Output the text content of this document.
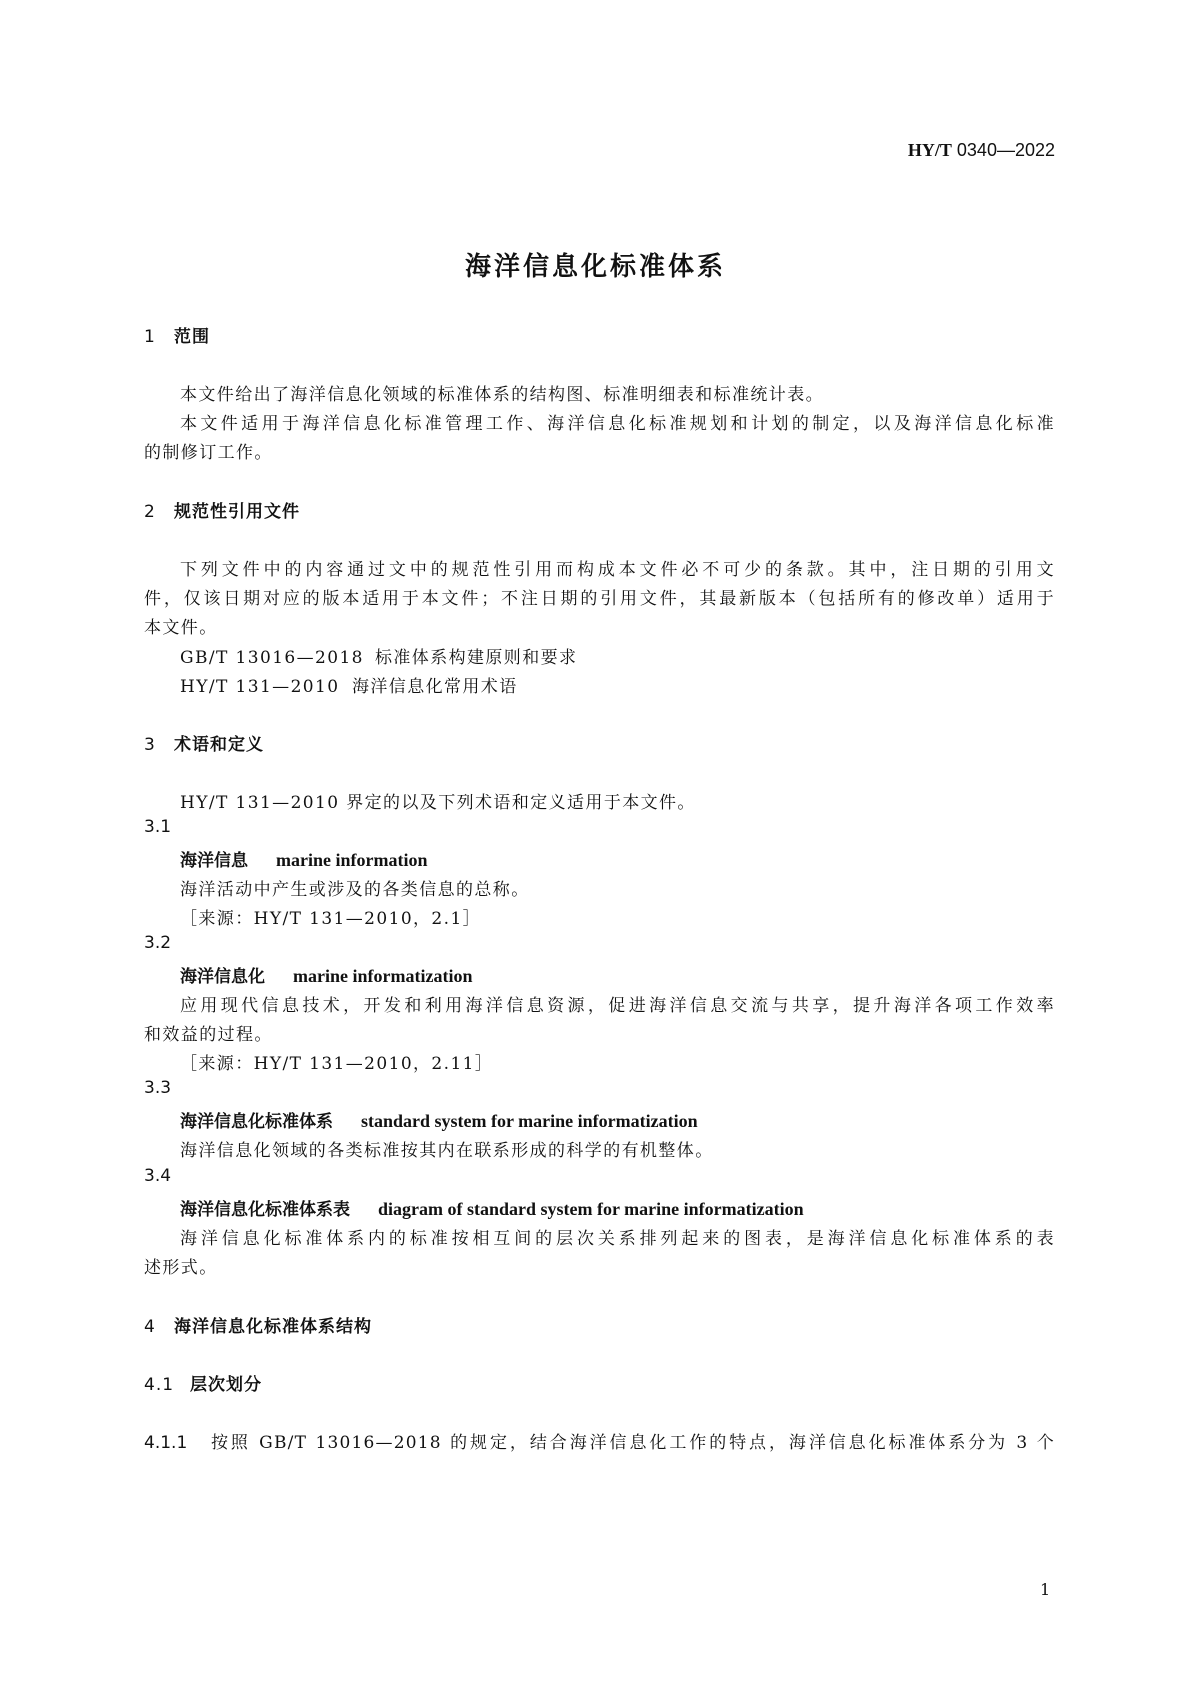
HY/T 0340—2022
海洋信息化标准体系
1 范围
本文件给出了海洋信息化领域的标准体系的结构图、标准明细表和标准统计表。
本文件适用于海洋信息化标准管理工作、海洋信息化标准规划和计划的制定，以及海洋信息化标准
的制修订工作。
2 规范性引用文件
下列文件中的内容通过文中的规范性引用而构成本文件必不可少的条款。其中，注日期的引用文
件，仅该日期对应的版本适用于本文件；不注日期的引用文件，其最新版本（包括所有的修改单）适用于
本文件。
GB/T 13016—2018 标准体系构建原则和要求
HY/T 131—2010 海洋信息化常用术语
3 术语和定义
HY/T 131—2010 界定的以及下列术语和定义适用于本文件。
3.1
海洋信息 marine information
海洋活动中产生或涉及的各类信息的总称。
［来源：HY/T 131—2010，2.1］
3.2
海洋信息化 marine informatization
应用现代信息技术，开发和利用海洋信息资源，促进海洋信息交流与共享，提升海洋各项工作效率
和效益的过程。
［来源：HY/T 131—2010，2.11］
3.3
海洋信息化标准体系 standard system for marine informatization
海洋信息化领域的各类标准按其内在联系形成的科学的有机整体。
3.4
海洋信息化标准体系表 diagram of standard system for marine informatization
海洋信息化标准体系内的标准按相互间的层次关系排列起来的图表，是海洋信息化标准体系的表
述形式。
4 海洋信息化标准体系结构
4.1 层次划分
4.1.1 按照 GB/T 13016—2018 的规定，结合海洋信息化工作的特点，海洋信息化标准体系分为 3 个
1
